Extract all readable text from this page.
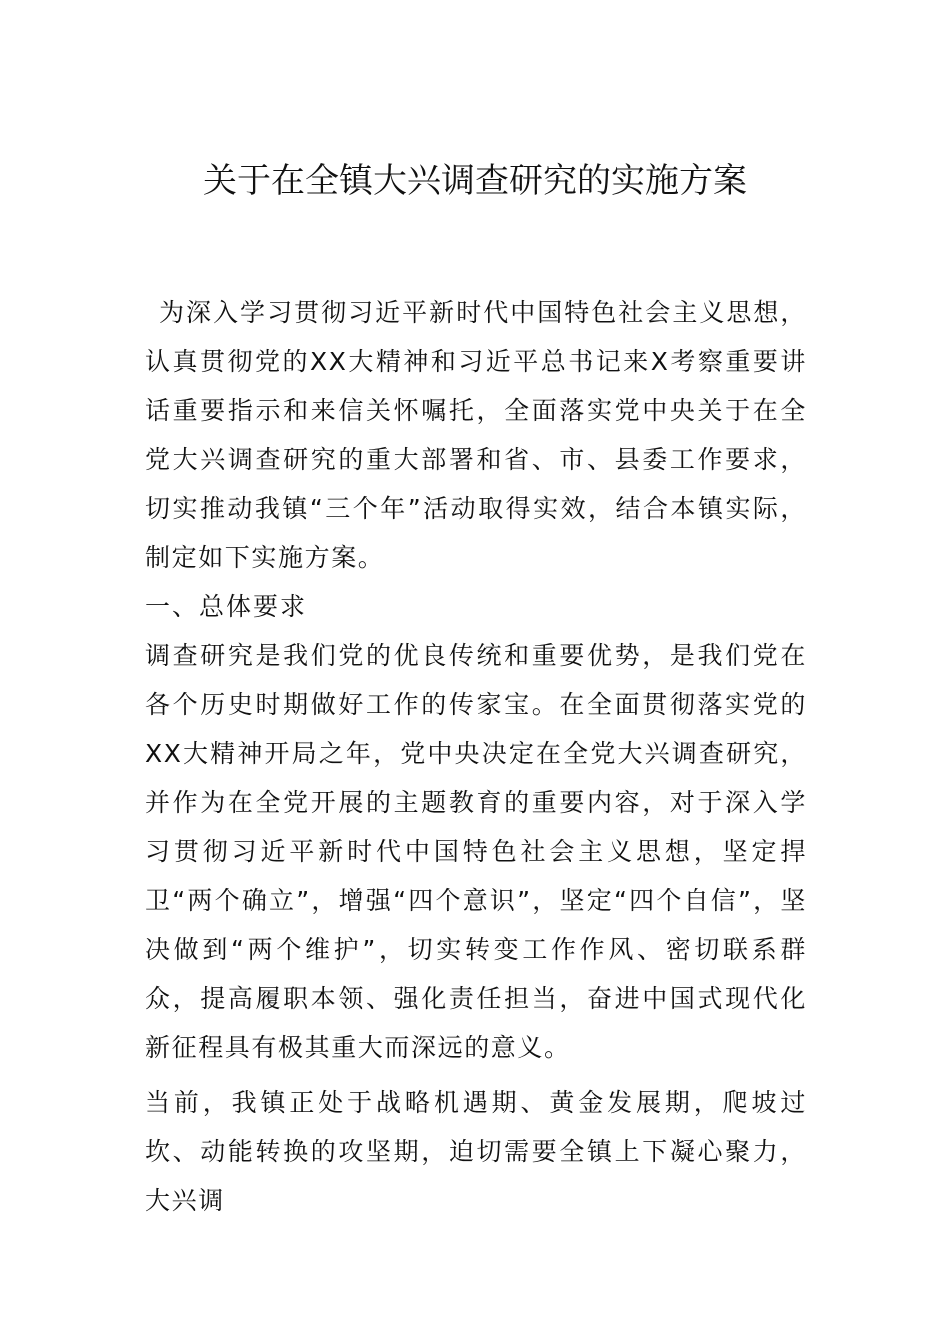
关于在全镇大兴调查研究的实施方案

为深入学习贯彻习近平新时代中国特色社会主义思想，认真贯彻党的XX大精神和习近平总书记来X考察重要讲话重要指示和来信关怀嘱托，全面落实党中央关于在全党大兴调查研究的重大部署和省、市、县委工作要求，切实推动我镇“三个年”活动取得实效，结合本镇实际，制定如下实施方案。

一、总体要求

调查研究是我们党的优良传统和重要优势，是我们党在各个历史时期做好工作的传家宝。在全面贯彻落实党的XX大精神开局之年，党中央决定在全党大兴调查研究，并作为在全党开展的主题教育的重要内容，对于深入学习贯彻习近平新时代中国特色社会主义思想，坚定捍卫“两个确立”，增强“四个意识”，坚定“四个自信”，坚决做到“两个维护”，切实转变工作作风、密切联系群众，提高履职本领、强化责任担当，奋进中国式现代化新征程具有极其重大而深远的意义。

当前，我镇正处于战略机遇期、黄金发展期，爬坡过坎、动能转换的攻坚期，迫切需要全镇上下凝心聚力，大兴调
